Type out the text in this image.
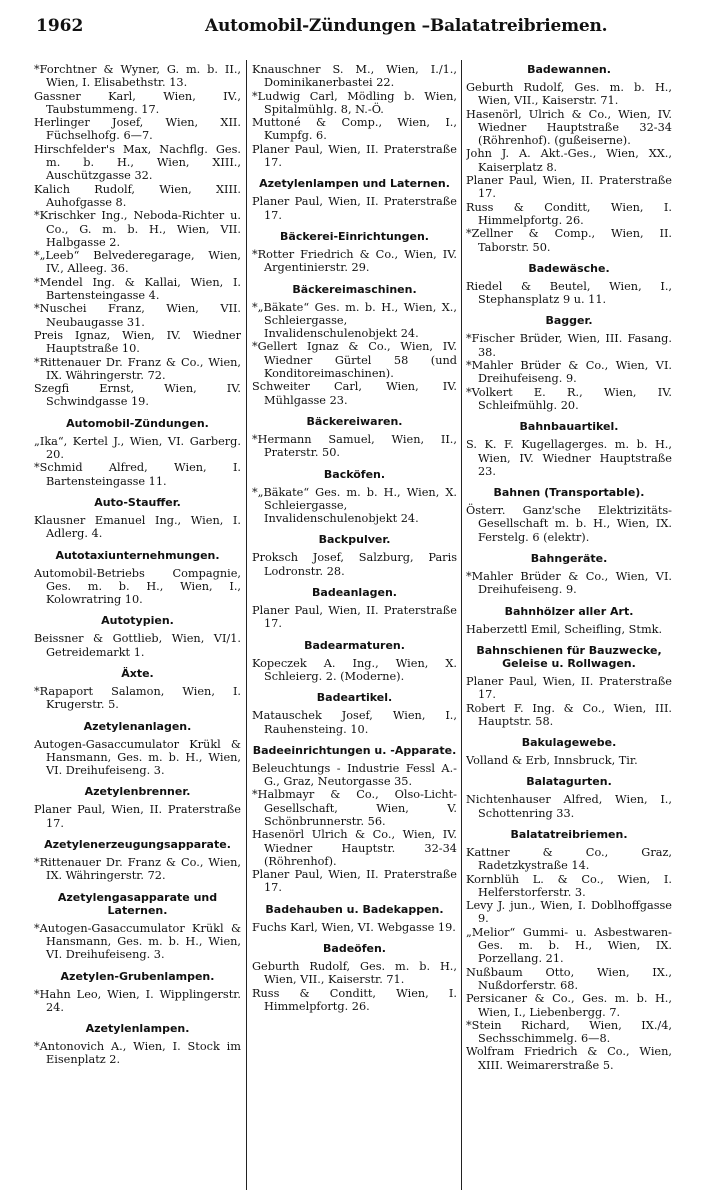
1962	Automobil-Zündungen –Balatatreibriemen.

*Forchtner & Wyner, G. m. b. II., Wien, I. Elisabethstr. 13.

Gassner Karl, Wien, IV., Taubstummeng. 17.

Herlinger Josef, Wien, XII. Füchselhofg. 6—7.

Hirschfelder's Max, Nachflg. Ges. m. b. H., Wien, XIII., Auschützgasse 32.

Kalich Rudolf, Wien, XIII. Auhofgasse 8.

*Krischker Ing., Neboda-Richter u. Co., G. m. b. H., Wien, VII. Halbgasse 2.

*„Leeb“ Belvederegarage, Wien, IV., Alleeg. 36.

*Mendel Ing. & Kallai, Wien, I. Bartensteingasse 4.

*Nuschei Franz, Wien, VII. Neubaugasse 31.

Preis Ignaz, Wien, IV. Wiedner Hauptstraße 10.

*Rittenauer Dr. Franz & Co., Wien, IX. Währingerstr. 72.

Szegfi Ernst, Wien, IV. Schwindgasse 19.

Automobil-Zündungen.

„Ika“, Kertel J., Wien, VI. Garberg. 20.

*Schmid Alfred, Wien, I. Bartensteingasse 11.

Auto-Stauffer.

Klausner Emanuel Ing., Wien, I. Adlerg. 4.

Autotaxiunternehmungen.

Automobil-Betriebs Compagnie, Ges. m. b. H., Wien, I., Kolowratring 10.

Autotypien.

Beissner & Gottlieb, Wien, VI/1. Getreidemarkt 1.

Äxte.

*Rapaport Salamon, Wien, I. Krugerstr. 5.

Azetylenanlagen.

Autogen-Gasaccumulator Krükl & Hansmann, Ges. m. b. H., Wien, VI. Dreihufeiseng. 3.

Azetylenbrenner.

Planer Paul, Wien, II. Praterstraße 17.

Azetylenerzeugungsapparate.

*Rittenauer Dr. Franz & Co., Wien, IX. Währingerstr. 72.

Azetylengasapparate und Laternen.

*Autogen-Gasaccumulator Krükl & Hansmann, Ges. m. b. H., Wien, VI. Dreihufeiseng. 3.

Azetylen-Grubenlampen.

*Hahn Leo, Wien, I. Wipplingerstr. 24.

Azetylenlampen.

*Antonovich A., Wien, I. Stock im Eisenplatz 2.

Knauschner S. M., Wien, I./1., Dominikanerbastei 22.

*Ludwig Carl, Mödling b. Wien, Spitalmühlg. 8, N.-Ö.

Muttoné & Comp., Wien, I., Kumpfg. 6.

Planer Paul, Wien, II. Praterstraße 17.

Azetylenlampen und Laternen.

Planer Paul, Wien, II. Praterstraße 17.

Bäckerei-Einrichtungen.

*Rotter Friedrich & Co., Wien, IV. Argentinierstr. 29.

Bäckereimaschinen.

*„Bäkate“ Ges. m. b. H., Wien, X., Schleiergasse, Invalidenschulenobjekt 24.

*Gellert Ignaz & Co., Wien, IV. Wiedner Gürtel 58 (und Konditoreimaschinen).

Schweiter Carl, Wien, IV. Mühlgasse 23.

Bäckereiwaren.

*Hermann Samuel, Wien, II., Praterstr. 50.

Backöfen.

*„Bäkate“ Ges. m. b. H., Wien, X. Schleiergasse, Invalidenschulenobjekt 24.

Backpulver.

Proksch Josef, Salzburg, Paris Lodronstr. 28.

Badeanlagen.

Planer Paul, Wien, II. Praterstraße 17.

Badearmaturen.

Kopeczek A. Ing., Wien, X. Schleierg. 2. (Moderne).

Badeartikel.

Matauschek Josef, Wien, I., Rauhensteing. 10.

Badeeinrichtungen u. -Apparate.

Beleuchtungs - Industrie Fessl A.-G., Graz, Neutorgasse 35.

*Halbmayr & Co., Olso-Licht-Gesellschaft, Wien, V. Schönbrunnerstr. 56.

Hasenörl Ulrich & Co., Wien, IV. Wiedner Hauptstr. 32-34 (Röhrenhof).

Planer Paul, Wien, II. Praterstraße 17.

Badehauben u. Badekappen.

Fuchs Karl, Wien, VI. Webgasse 19.

Badeöfen.

Geburth Rudolf, Ges. m. b. H., Wien, VII., Kaiserstr. 71.

Russ & Conditt, Wien, I. Himmelpfortg. 26.

Badewannen.

Geburth Rudolf, Ges. m. b. H., Wien, VII., Kaiserstr. 71.

Hasenörl, Ulrich & Co., Wien, IV. Wiedner Hauptstraße 32-34 (Röhrenhof). (gußeiserne).

John J. A. Akt.-Ges., Wien, XX., Kaiserplatz 8.

Planer Paul, Wien, II. Praterstraße 17.

Russ & Conditt, Wien, I. Himmelpfortg. 26.

*Zellner & Comp., Wien, II. Taborstr. 50.

Badewäsche.

Riedel & Beutel, Wien, I., Stephansplatz 9 u. 11.

Bagger.

*Fischer Brüder, Wien, III. Fasang. 38.

*Mahler Brüder & Co., Wien, VI. Dreihufeiseng. 9.

*Volkert E. R., Wien, IV. Schleifmühlg. 20.

Bahnbauartikel.

S. K. F. Kugellagerges. m. b. H., Wien, IV. Wiedner Hauptstraße 23.

Bahnen (Transportable).

Österr. Ganz'sche Elektrizitäts-Gesellschaft m. b. H., Wien, IX. Ferstelg. 6 (elektr).

Bahngeräte.

*Mahler Brüder & Co., Wien, VI. Dreihufeiseng. 9.

Bahnhölzer aller Art.

Haberzettl Emil, Scheifling, Stmk.

Bahnschienen für Bauzwecke, Geleise u. Rollwagen.

Planer Paul, Wien, II. Praterstraße 17.

Robert F. Ing. & Co., Wien, III. Hauptstr. 58.

Bakulagewebe.

Volland & Erb, Innsbruck, Tir.

Balatagurten.

Nichtenhauser Alfred, Wien, I., Schottenring 33.

Balatatreibriemen.

Kattner & Co., Graz, Radetzkystraße 14.

Kornblüh L. & Co., Wien, I. Helferstorferstr. 3.

Levy J. jun., Wien, I. Doblhoffgasse 9.

„Melior“ Gummi- u. Asbestwaren-Ges. m. b. H., Wien, IX. Porzellang. 21.

Nußbaum Otto, Wien, IX., Nußdorferstr. 68.

Persicaner & Co., Ges. m. b. H., Wien, I., Liebenbergg. 7.

*Stein Richard, Wien, IX./4, Sechsschimmelg. 6—8.

Wolfram Friedrich & Co., Wien, XIII. Weimarerstraße 5.
